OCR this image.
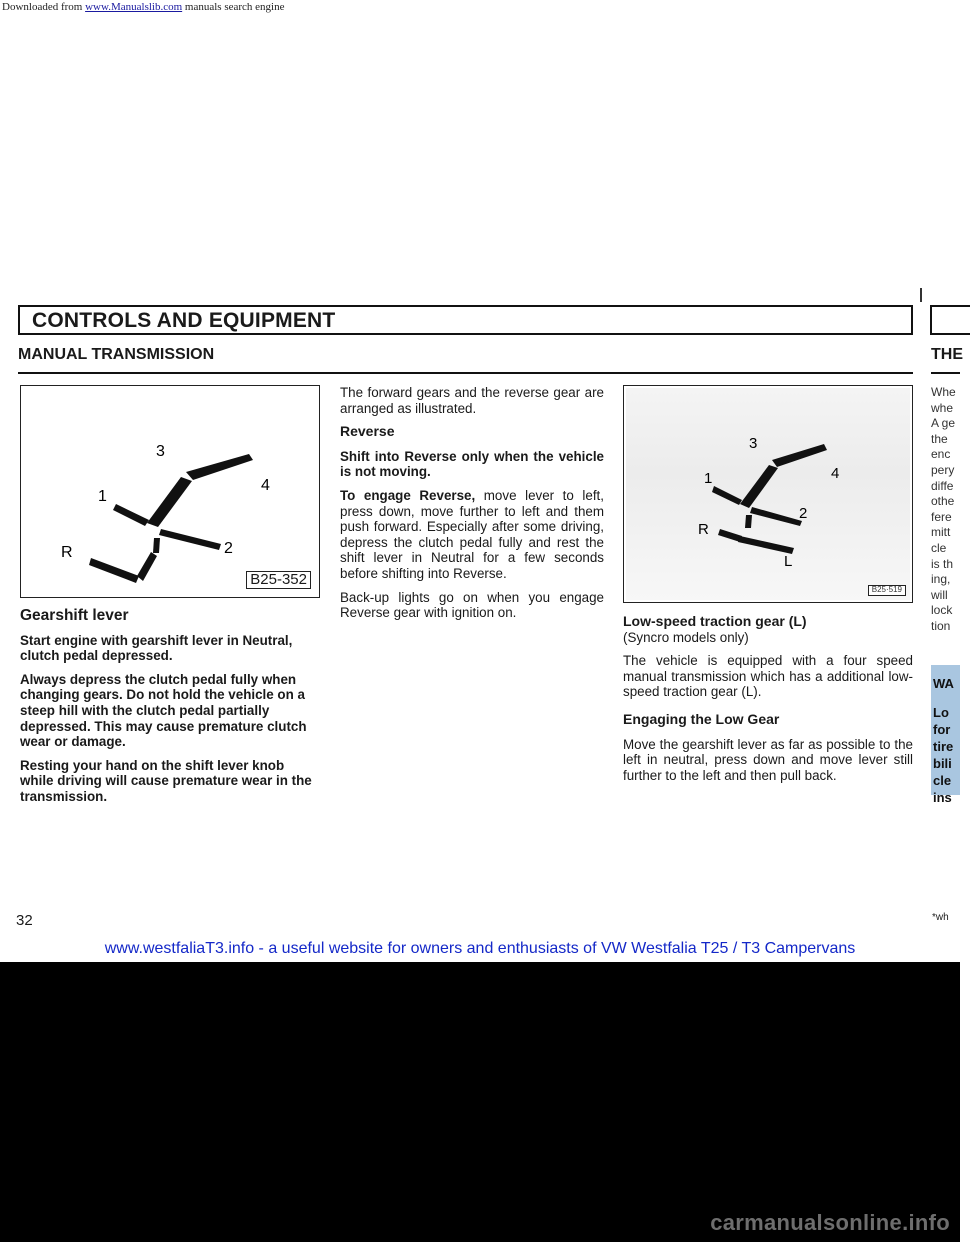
Downloaded from www.Manualslib.com manuals search engine
CONTROLS AND EQUIPMENT
MANUAL TRANSMISSION	THE
3
1
4
R	2
B25-352
3
1	4
R
2
L
B25·519

Gearshift lever

Start engine with gearshift lever in Neutral, clutch pedal depressed.

Always depress the clutch pedal fully when changing gears. Do not hold the vehicle on a steep hill with the clutch pedal partially depressed. This may cause premature clutch wear or damage.

Resting your hand on the shift lever knob while driving will cause premature wear in the transmission.

The forward gears and the reverse gear are arranged as illustrated.

Reverse

Shift into Reverse only when the vehicle is not moving.

To engage Reverse, move lever to left, press down, move further to left and them push forward. Especially after some driving, depress the clutch pedal fully and rest the shift lever in Neutral for a few seconds before shifting into Reverse.

Back-up lights go on when you engage Reverse gear with ignition on.

Low-speed traction gear (L)

(Syncro models only)

The vehicle is equipped with a four speed manual transmission which has a additional low-speed traction gear (L).

Engaging the Low Gear

Move the gearshift lever as far as possible to the left in neutral, press down and move lever still further to the left and then pull back.

Whe
whe
A ge
the
enc
pery
diffe
othe
fere
mitt
cle
is th
ing,
will
lock
tion
WA
Lo
for
tire
bili
cle
ins
32	*wh
www.westfaliaT3.info - a useful website for owners and enthusiasts of VW Westfalia T25 / T3 Campervans
carmanualsonline.info
